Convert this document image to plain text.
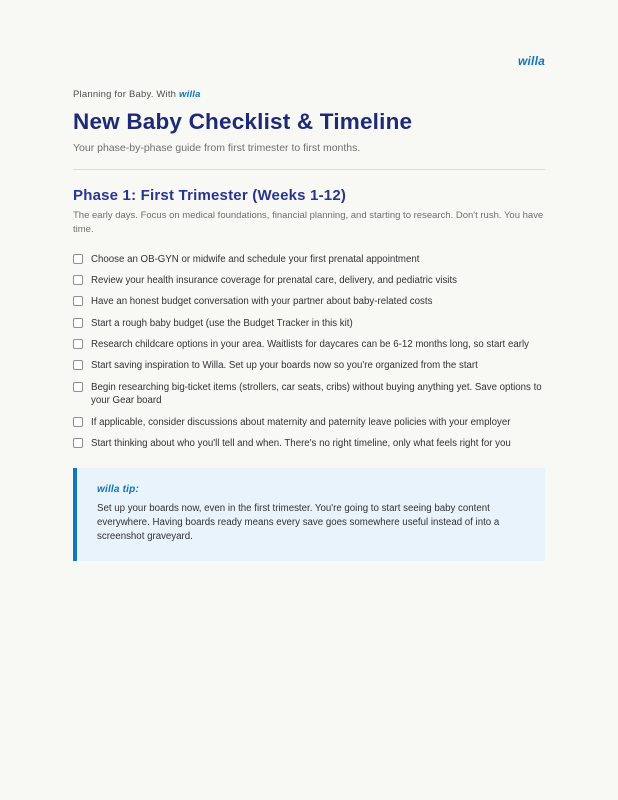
willa
Planning for Baby. With willa
New Baby Checklist & Timeline
Your phase-by-phase guide from first trimester to first months.
Phase 1: First Trimester (Weeks 1-12)
The early days. Focus on medical foundations, financial planning, and starting to research. Don't rush. You have time.
Choose an OB-GYN or midwife and schedule your first prenatal appointment
Review your health insurance coverage for prenatal care, delivery, and pediatric visits
Have an honest budget conversation with your partner about baby-related costs
Start a rough baby budget (use the Budget Tracker in this kit)
Research childcare options in your area. Waitlists for daycares can be 6-12 months long, so start early
Start saving inspiration to Willa. Set up your boards now so you're organized from the start
Begin researching big-ticket items (strollers, car seats, cribs) without buying anything yet. Save options to your Gear board
If applicable, consider discussions about maternity and paternity leave policies with your employer
Start thinking about who you'll tell and when. There's no right timeline, only what feels right for you
willa tip:
Set up your boards now, even in the first trimester. You're going to start seeing baby content everywhere. Having boards ready means every save goes somewhere useful instead of into a screenshot graveyard.
